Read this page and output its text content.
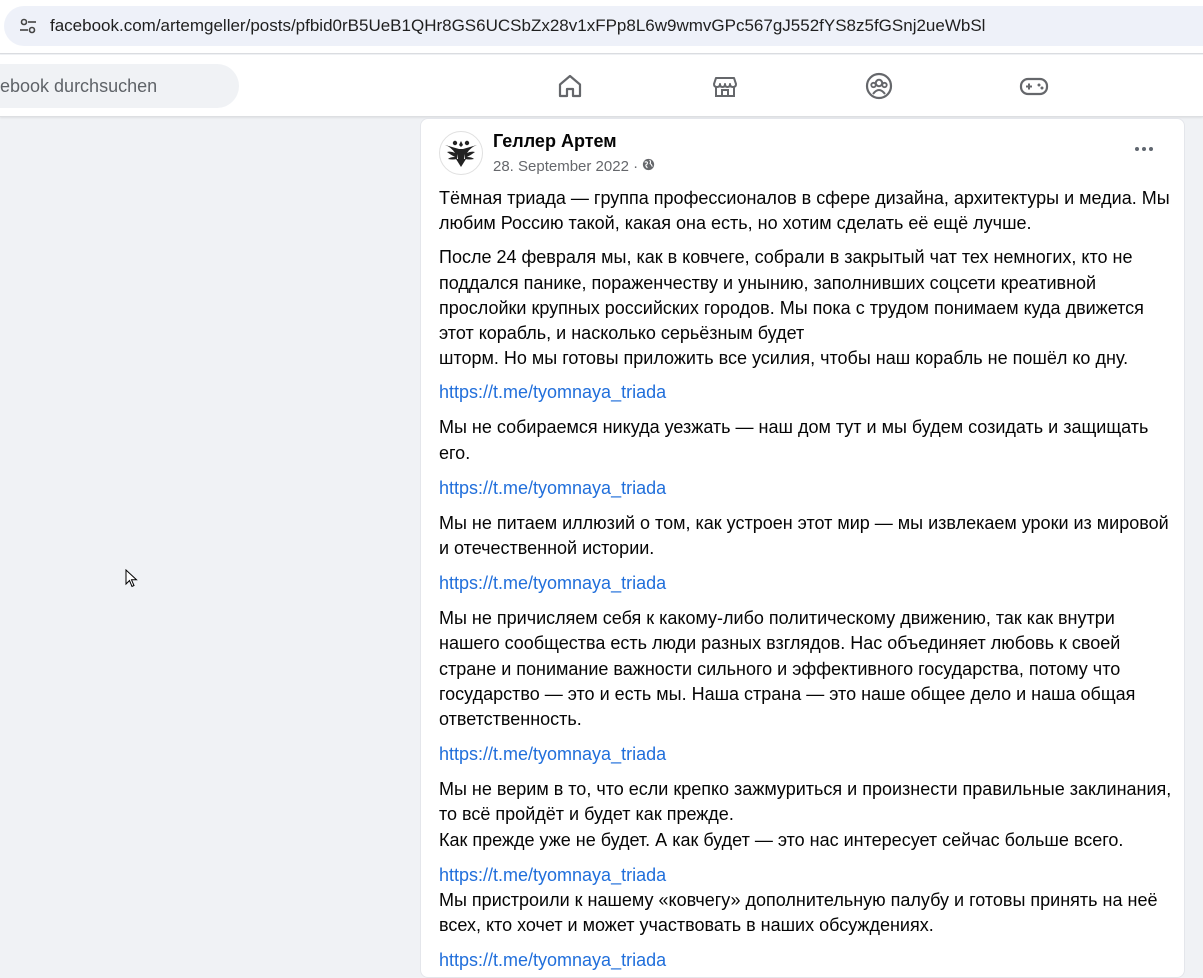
facebook.com/artemgeller/posts/pfbid0rB5UeB1QHr8GS6UCSbZx28v1xFPp8L6w9wmvGPc567gJ552fYS8z5fGSnj2ueWbSl
ebook durchsuchen
Геллер Артем
28. September 2022 ·

Тёмная триада — группа профессионалов в сфере дизайна, архитектуры и медиа. Мы любим Россию такой, какая она есть, но хотим сделать её ещё лучше.

После 24 февраля мы, как в ковчеге, собрали в закрытый чат тех немногих, кто не поддался панике, пораженчеству и унынию, заполнивших соцсети креативной прослойки крупных российских городов. Мы пока с трудом понимаем куда движется этот корабль, и насколько серьёзным будет

шторм. Но мы готовы приложить все усилия, чтобы наш корабль не пошёл ко дну.

https://t.me/tyomnaya_triada

Мы не собираемся никуда уезжать — наш дом тут и мы будем созидать и защищать его.

https://t.me/tyomnaya_triada

Мы не питаем иллюзий о том, как устроен этот мир — мы извлекаем уроки из мировой и отечественной истории.

https://t.me/tyomnaya_triada

Мы не причисляем себя к какому-либо политическому движению, так как внутри нашего сообщества есть люди разных взглядов. Нас объединяет любовь к своей стране и понимание важности сильного и эффективного государства, потому что государство — это и есть мы. Наша страна — это наше общее дело и наша общая ответственность.

https://t.me/tyomnaya_triada

Мы не верим в то, что если крепко зажмуриться и произнести правильные заклинания, то всё пройдёт и будет как прежде.

Как прежде уже не будет. А как будет — это нас интересует сейчас больше всего.

https://t.me/tyomnaya_triada

Мы пристроили к нашему «ковчегу» дополнительную палубу и готовы принять на неё всех, кто хочет и может участвовать в наших обсуждениях.

https://t.me/tyomnaya_triada
